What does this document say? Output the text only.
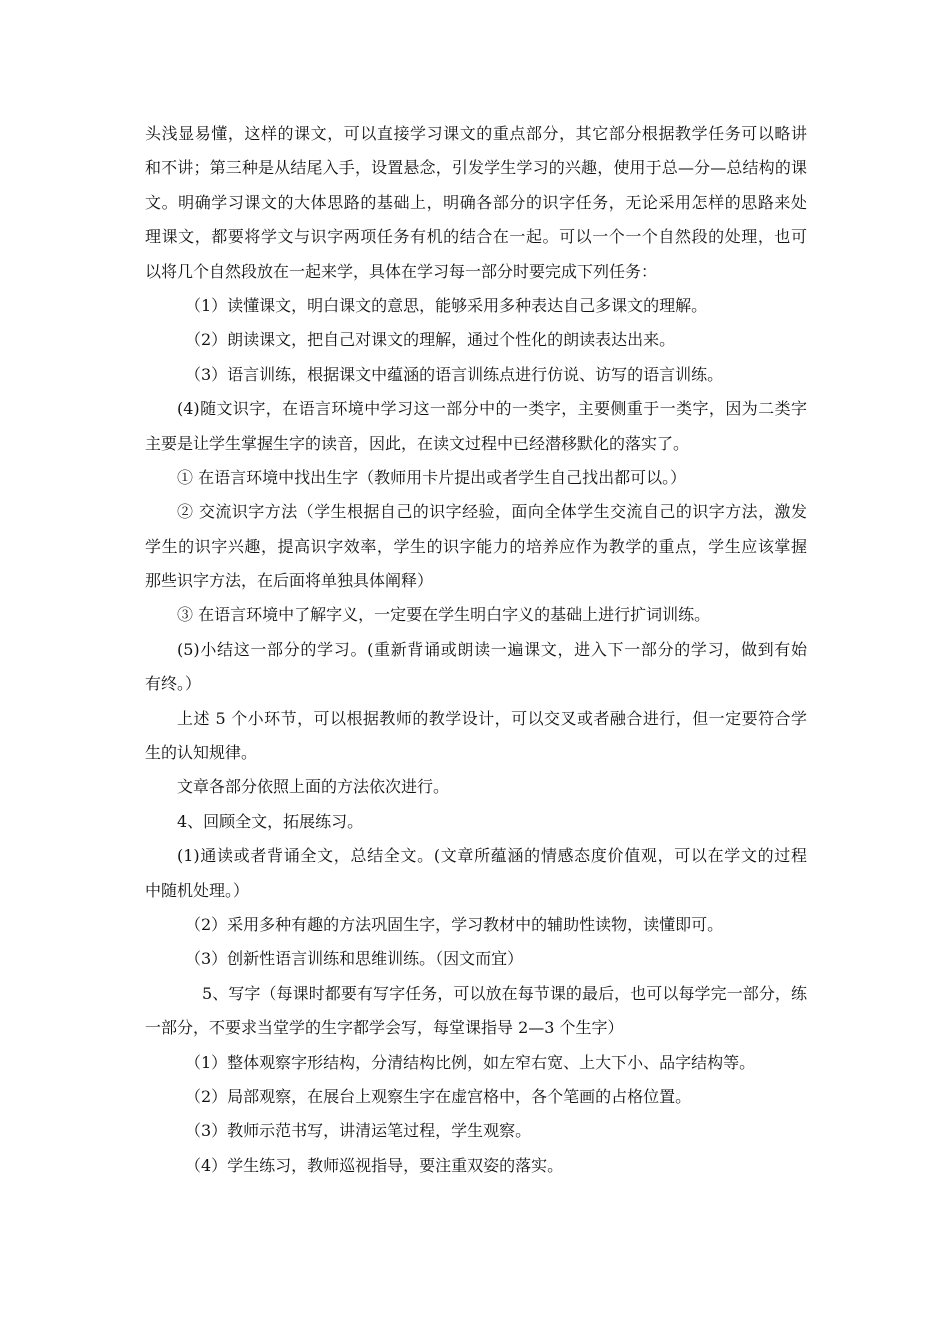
头浅显易懂，这样的课文，可以直接学习课文的重点部分，其它部分根据教学任务可以略讲
和不讲；第三种是从结尾入手，设置悬念，引发学生学习的兴趣，使用于总—分—总结构的课
文。明确学习课文的大体思路的基础上，明确各部分的识字任务，无论采用怎样的思路来处
理课文，都要将学文与识字两项任务有机的结合在一起。可以一个一个自然段的处理，也可
以将几个自然段放在一起来学，具体在学习每一部分时要完成下列任务：
（1）读懂课文，明白课文的意思，能够采用多种表达自己多课文的理解。
（2）朗读课文，把自己对课文的理解，通过个性化的朗读表达出来。
（3）语言训练，根据课文中蕴涵的语言训练点进行仿说、访写的语言训练。
(4)随文识字，在语言环境中学习这一部分中的一类字，主要侧重于一类字，因为二类字
主要是让学生掌握生字的读音，因此，在读文过程中已经潜移默化的落实了。
① 在语言环境中找出生字（教师用卡片提出或者学生自己找出都可以。）
② 交流识字方法（学生根据自己的识字经验，面向全体学生交流自己的识字方法，激发
学生的识字兴趣，提高识字效率，学生的识字能力的培养应作为教学的重点，学生应该掌握
那些识字方法，在后面将单独具体阐释）
③ 在语言环境中了解字义，一定要在学生明白字义的基础上进行扩词训练。
(5)小结这一部分的学习。(重新背诵或朗读一遍课文，进入下一部分的学习，做到有始
有终。）
上述 5 个小环节，可以根据教师的教学设计，可以交叉或者融合进行，但一定要符合学
生的认知规律。
文章各部分依照上面的方法依次进行。
4、回顾全文，拓展练习。
(1)通读或者背诵全文，总结全文。(文章所蕴涵的情感态度价值观，可以在学文的过程
中随机处理。）
（2）采用多种有趣的方法巩固生字，学习教材中的辅助性读物，读懂即可。
（3）创新性语言训练和思维训练。（因文而宜）
5、写字（每课时都要有写字任务，可以放在每节课的最后，也可以每学完一部分，练
一部分，不要求当堂学的生字都学会写，每堂课指导 2—3 个生字）
（1）整体观察字形结构，分清结构比例，如左窄右宽、上大下小、品字结构等。
（2）局部观察，在展台上观察生字在虚宫格中，各个笔画的占格位置。
（3）教师示范书写，讲清运笔过程，学生观察。
（4）学生练习，教师巡视指导，要注重双姿的落实。
